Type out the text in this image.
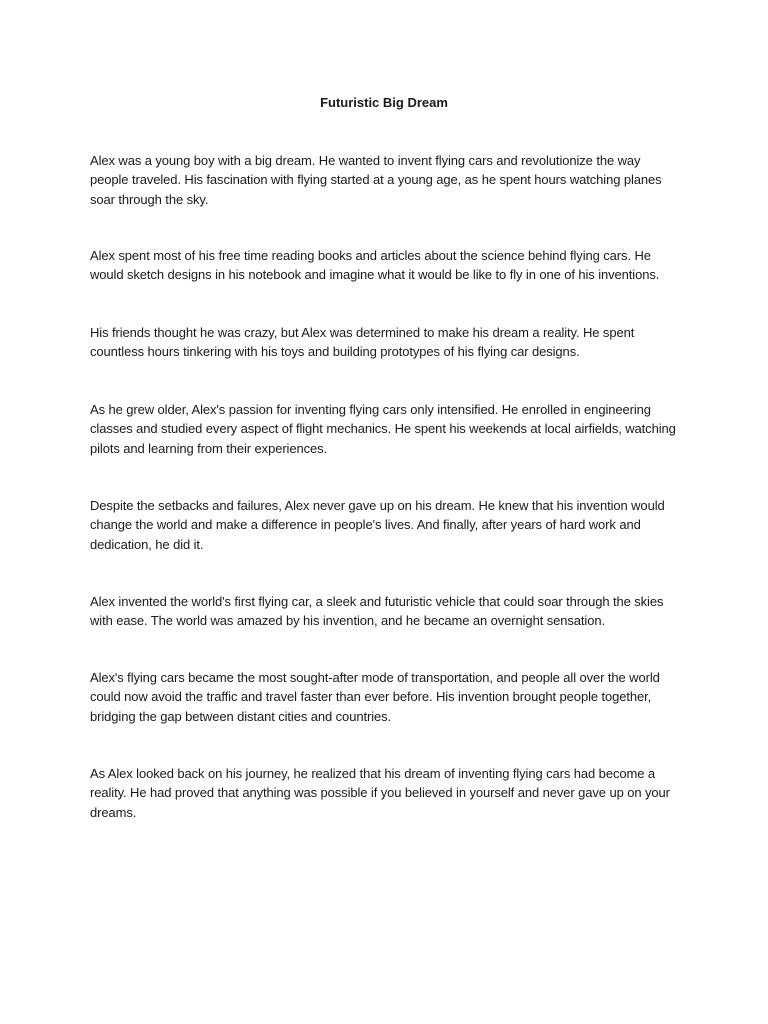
Futuristic Big Dream

Alex was a young boy with a big dream. He wanted to invent flying cars and revolutionize the way people traveled. His fascination with flying started at a young age, as he spent hours watching planes soar through the sky.

Alex spent most of his free time reading books and articles about the science behind flying cars. He would sketch designs in his notebook and imagine what it would be like to fly in one of his inventions.

His friends thought he was crazy, but Alex was determined to make his dream a reality. He spent countless hours tinkering with his toys and building prototypes of his flying car designs.

As he grew older, Alex's passion for inventing flying cars only intensified. He enrolled in engineering classes and studied every aspect of flight mechanics. He spent his weekends at local airfields, watching pilots and learning from their experiences.

Despite the setbacks and failures, Alex never gave up on his dream. He knew that his invention would change the world and make a difference in people's lives. And finally, after years of hard work and dedication, he did it.

Alex invented the world's first flying car, a sleek and futuristic vehicle that could soar through the skies with ease. The world was amazed by his invention, and he became an overnight sensation.

Alex's flying cars became the most sought-after mode of transportation, and people all over the world could now avoid the traffic and travel faster than ever before. His invention brought people together, bridging the gap between distant cities and countries.

As Alex looked back on his journey, he realized that his dream of inventing flying cars had become a reality. He had proved that anything was possible if you believed in yourself and never gave up on your dreams.
